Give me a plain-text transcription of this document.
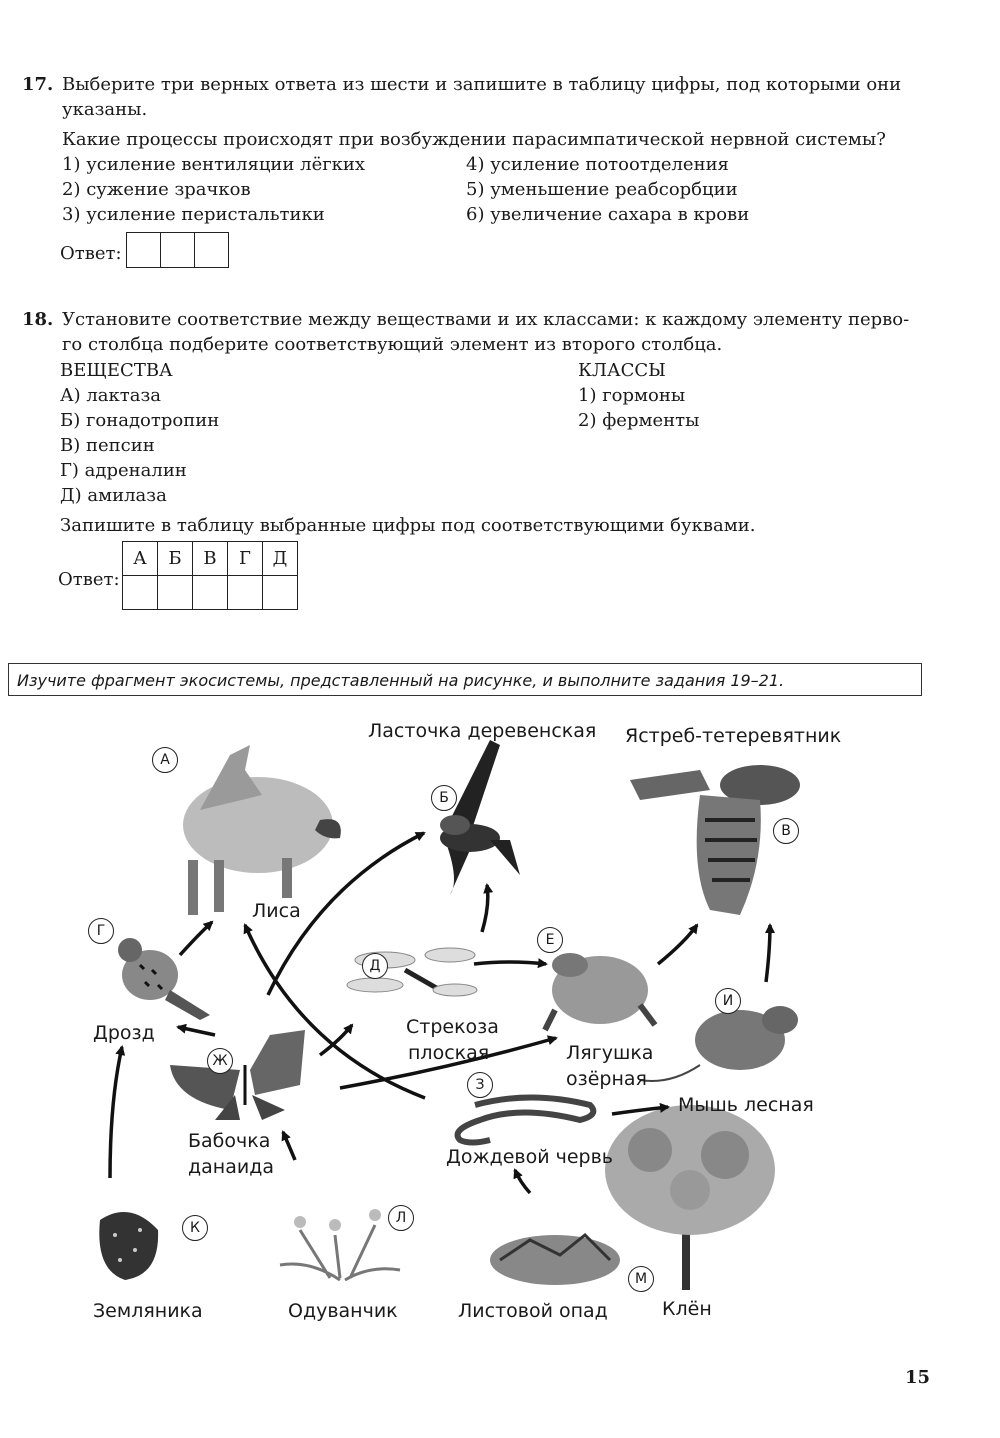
17. Выберите три верных ответа из шести и запишите в таблицу цифры, под которыми они
указаны.
Какие процессы происходят при возбуждении парасимпатической нервной системы?
1) усиление вентиляции лёгких
2) сужение зрачков
3) усиление перистальтики
4) усиление потоотделения
5) уменьшение реабсорбции
6) увеличение сахара в крови
Ответ:
18. Установите соответствие между веществами и их классами: к каждому элементу перво-
го столбца подберите соответствующий элемент из второго столбца.
ВЕЩЕСТВА	КЛАССЫ
А) лактаза
Б) гонадотропин
В) пепсин
Г) адреналин
Д) амилаза
1) гормоны
2) ферменты
Запишите в таблицу выбранные цифры под соответствующими буквами.
Ответ:
А	Б	В	Г	Д

Изучите фрагмент экосистемы, представленный на рисунке, и выполните задания 19–21.
Ласточка деревенская Ястреб-тетеревятник
Лиса
Дрозд	Стрекоза
плоская	Лягушка
озёрная
Бабочка
данаида	Дождевой червь
Мышь лесная
Земляника	Одуванчик	Листовой опад	Клён
А
Б
В
Г
Д
Е
И
Ж
З
К
Л
М
15
